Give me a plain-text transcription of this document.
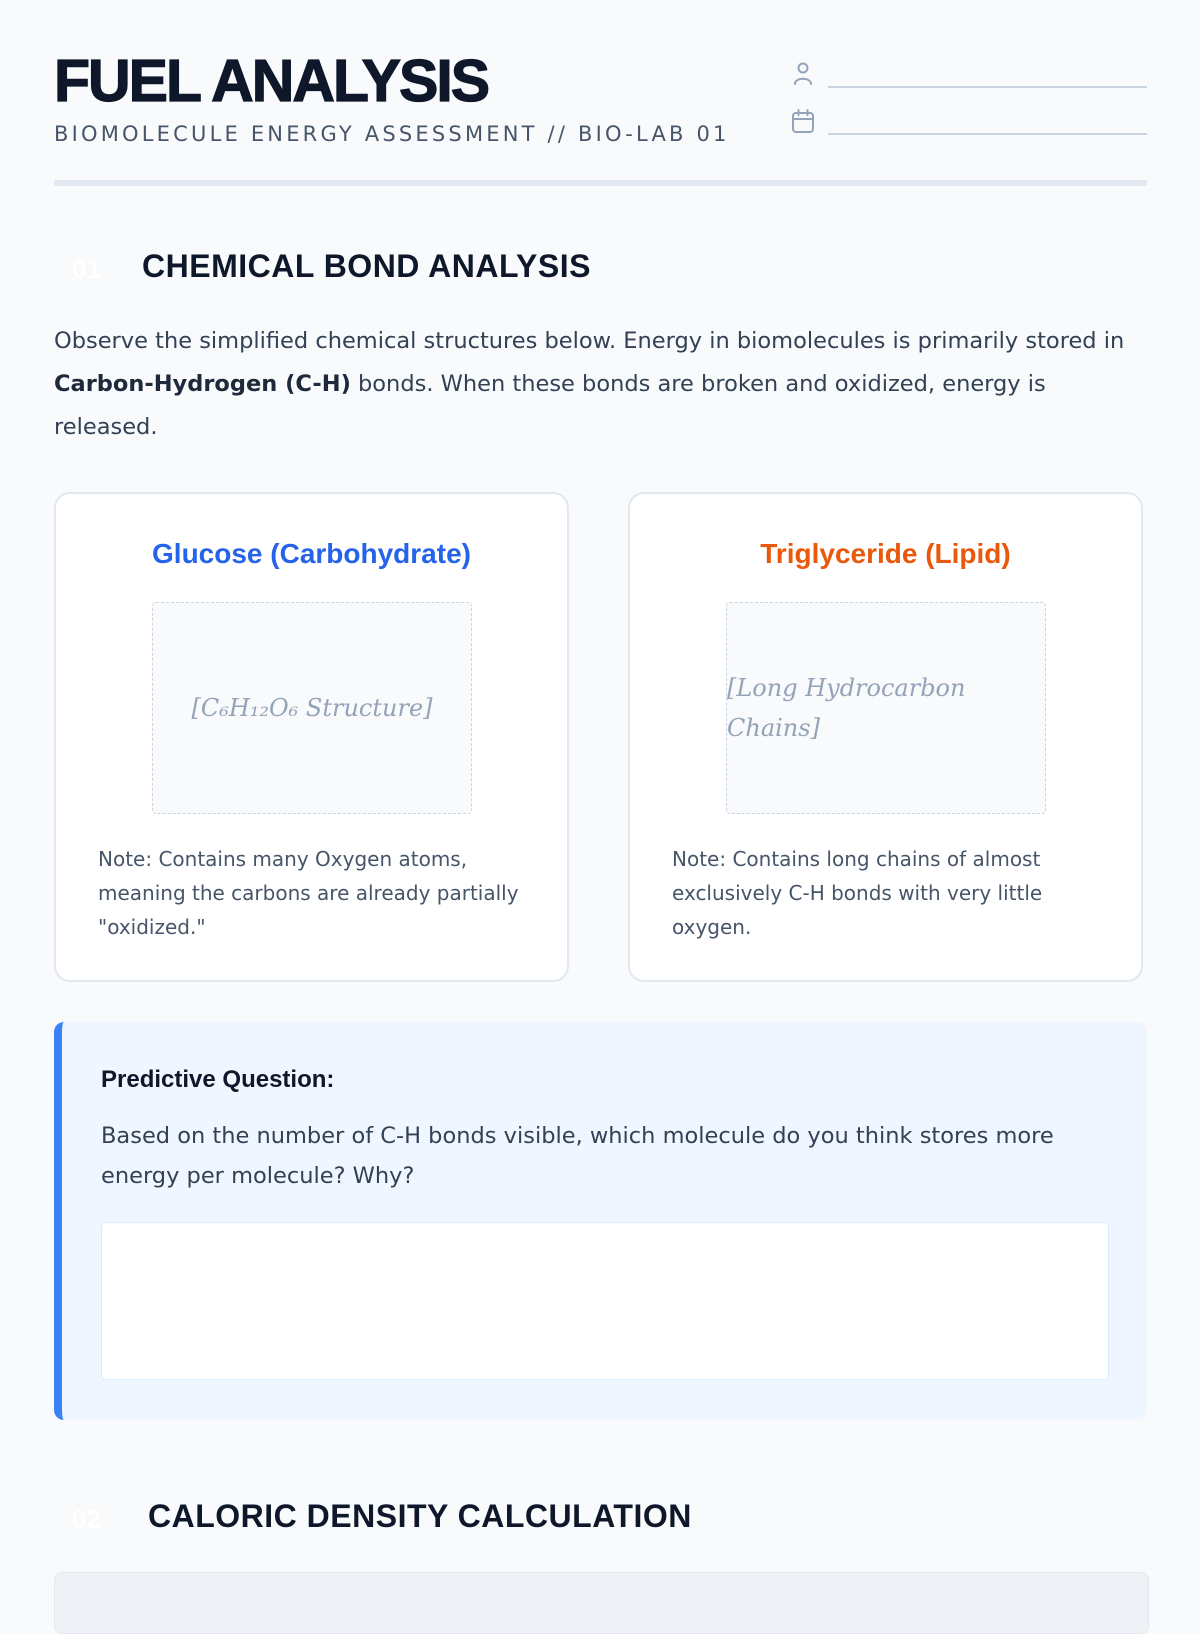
FUEL ANALYSIS
BIOMOLECULE ENERGY ASSESSMENT // BIO-LAB 01
01 CHEMICAL BOND ANALYSIS

Observe the simplified chemical structures below. Energy in biomolecules is primarily stored in Carbon-Hydrogen (C-H) bonds. When these bonds are broken and oxidized, energy is released.

Glucose (Carbohydrate)
[C₆H₁₂O₆ Structure]

Note: Contains many Oxygen atoms, meaning the carbons are already partially "oxidized."

Triglyceride (Lipid)
[Long Hydrocarbon Chains]

Note: Contains long chains of almost exclusively C-H bonds with very little oxygen.

Predictive Question:

Based on the number of C-H bonds visible, which molecule do you think stores more energy per molecule? Why?

02 CALORIC DENSITY CALCULATION
